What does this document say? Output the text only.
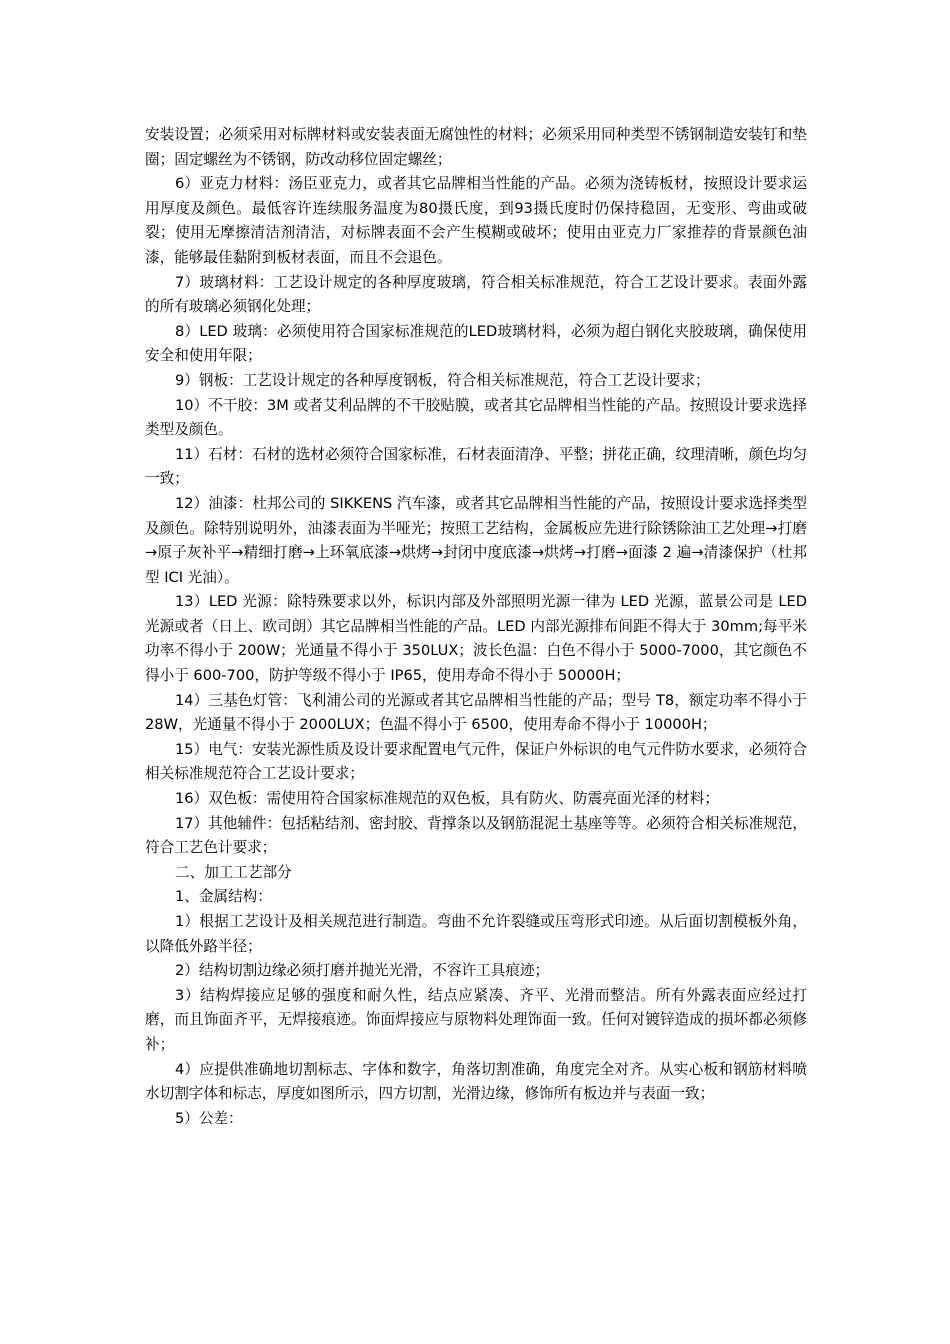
安装设置；必须采用对标牌材料或安装表面无腐蚀性的材料；必须采用同种类型不锈钢制造安装钉和垫圈；固定螺丝为不锈钢，防改动移位固定螺丝；

6）亚克力材料：汤臣亚克力，或者其它品牌相当性能的产品。必须为浇铸板材，按照设计要求运用厚度及颜色。最低容许连续服务温度为80摄氏度，到93摄氏度时仍保持稳固，无变形、弯曲或破裂；使用无摩擦清洁剂清洁，对标牌表面不会产生模糊或破坏；使用由亚克力厂家推荐的背景颜色油漆，能够最佳黏附到板材表面，而且不会退色。

7）玻璃材料：工艺设计规定的各种厚度玻璃，符合相关标准规范，符合工艺设计要求。表面外露的所有玻璃必须钢化处理；

8）LED 玻璃：必须使用符合国家标准规范的LED玻璃材料，必须为超白钢化夹胶玻璃，确保使用安全和使用年限；

9）钢板：工艺设计规定的各种厚度钢板，符合相关标准规范，符合工艺设计要求；

10）不干胶：3M 或者艾利品牌的不干胶贴膜，或者其它品牌相当性能的产品。按照设计要求选择类型及颜色。

11）石材：石材的选材必须符合国家标准，石材表面清净、平整；拼花正确，纹理清晰，颜色均匀一致；

12）油漆：杜邦公司的 SIKKENS 汽车漆，或者其它品牌相当性能的产品，按照设计要求选择类型及颜色。除特别说明外，油漆表面为半哑光；按照工艺结构，金属板应先进行除锈除油工艺处理→打磨→原子灰补平→精细打磨→上环氧底漆→烘烤→封闭中度底漆→烘烤→打磨→面漆 2 遍→清漆保护（杜邦型 ICI 光油）。

13）LED 光源：除特殊要求以外，标识内部及外部照明光源一律为 LED 光源，蓝景公司是 LED 光源或者（日上、欧司朗）其它品牌相当性能的产品。LED 内部光源排布间距不得大于 30mm;每平米功率不得小于 200W；光通量不得小于 350LUX；波长色温：白色不得小于 5000-7000，其它颜色不得小于 600-700，防护等级不得小于 IP65，使用寿命不得小于 50000H；

14）三基色灯管：飞利浦公司的光源或者其它品牌相当性能的产品；型号 T8，额定功率不得小于 28W，光通量不得小于 2000LUX；色温不得小于 6500，使用寿命不得小于 10000H；

15）电气：安装光源性质及设计要求配置电气元件，保证户外标识的电气元件防水要求，必须符合相关标准规范符合工艺设计要求；

16）双色板：需使用符合国家标准规范的双色板，具有防火、防震亮面光泽的材料；

17）其他辅件：包括粘结剂、密封胶、背撑条以及钢筋混泥土基座等等。必须符合相关标准规范，符合工艺色计要求；

二、加工工艺部分

1、金属结构：

1）根据工艺设计及相关规范进行制造。弯曲不允许裂缝或压弯形式印迹。从后面切割模板外角，以降低外路半径；

2）结构切割边缘必须打磨并抛光光滑，不容许工具痕迹；

3）结构焊接应足够的强度和耐久性，结点应紧凑、齐平、光滑而整洁。所有外露表面应经过打磨，而且饰面齐平，无焊接痕迹。饰面焊接应与原物料处理饰面一致。任何对镀锌造成的损坏都必须修补；

4）应提供准确地切割标志、字体和数字，角落切割准确，角度完全对齐。从实心板和钢筋材料喷水切割字体和标志，厚度如图所示，四方切割，光滑边缘，修饰所有板边并与表面一致；

5）公差：
